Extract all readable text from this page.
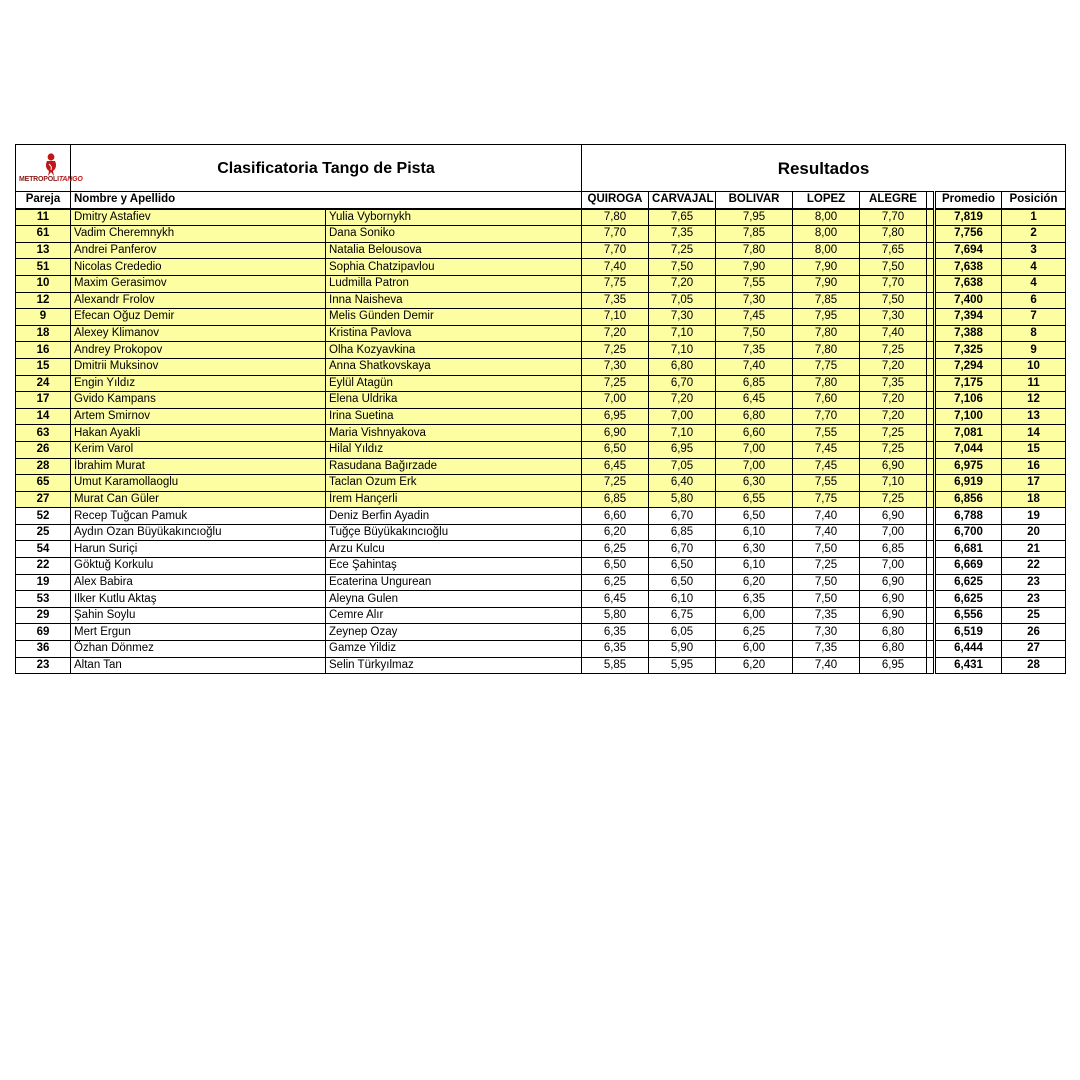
METROPOLITANGO	Clasificatoria Tango de Pista		Resultados							
Pareja	Nombre y Apellido		QUIROGA	CARVAJAL	BOLIVAR	LOPEZ	ALEGRE		Promedio	Posición
11	Dmitry Astafiev	Yulia Vybornykh	7,80	7,65	7,95	8,00	7,70		7,819	1
61	Vadim Cheremnykh	Dana Soniko	7,70	7,35	7,85	8,00	7,80		7,756	2
13	Andrei Panferov	Natalia Belousova	7,70	7,25	7,80	8,00	7,65		7,694	3
51	Nicolas Crededio	Sophia Chatzipavlou	7,40	7,50	7,90	7,90	7,50		7,638	4
10	Maxim Gerasimov	Ludmilla Patron	7,75	7,20	7,55	7,90	7,70		7,638	4
12	Alexandr Frolov	Inna Naisheva	7,35	7,05	7,30	7,85	7,50		7,400	6
9	Efecan Oğuz Demir	Melis Günden Demir	7,10	7,30	7,45	7,95	7,30		7,394	7
18	Alexey Klimanov	Kristina Pavlova	7,20	7,10	7,50	7,80	7,40		7,388	8
16	Andrey Prokopov	Olha Kozyavkina	7,25	7,10	7,35	7,80	7,25		7,325	9
15	Dmitrii Muksinov	Anna Shatkovskaya	7,30	6,80	7,40	7,75	7,20		7,294	10
24	Engin Yıldız	Eylül Atagün	7,25	6,70	6,85	7,80	7,35		7,175	11
17	Gvido Kampans	Elena Uldrika	7,00	7,20	6,45	7,60	7,20		7,106	12
14	Artem Smirnov	Irina Suetina	6,95	7,00	6,80	7,70	7,20		7,100	13
63	Hakan Ayakli	Maria Vishnyakova	6,90	7,10	6,60	7,55	7,25		7,081	14
26	Kerim Varol	Hilal Yıldız	6,50	6,95	7,00	7,45	7,25		7,044	15
28	İbrahim Murat	Rasudana Bağırzade	6,45	7,05	7,00	7,45	6,90		6,975	16
65	Umut Karamollaoglu	Taclan Ozum Erk	7,25	6,40	6,30	7,55	7,10		6,919	17
27	Murat Can Güler	İrem Hançerli	6,85	5,80	6,55	7,75	7,25		6,856	18
52	Recep Tuğcan Pamuk	Deniz Berfin Ayadin	6,60	6,70	6,50	7,40	6,90		6,788	19
25	Aydın Ozan Büyükakıncıoğlu	Tuğçe Büyükakıncıoğlu	6,20	6,85	6,10	7,40	7,00		6,700	20
54	Harun Suriçi	Arzu Kulcu	6,25	6,70	6,30	7,50	6,85		6,681	21
22	Göktuğ Korkulu	Ece Şahintaş	6,50	6,50	6,10	7,25	7,00		6,669	22
19	Alex Babira	Ecaterina Ungurean	6,25	6,50	6,20	7,50	6,90		6,625	23
53	Ilker Kutlu Aktaş	Aleyna Gulen	6,45	6,10	6,35	7,50	6,90		6,625	23
29	Şahin Soylu	Cemre Alır	5,80	6,75	6,00	7,35	6,90		6,556	25
69	Mert Ergun	Zeynep Ozay	6,35	6,05	6,25	7,30	6,80		6,519	26
36	Özhan Dönmez	Gamze Yildiz	6,35	5,90	6,00	7,35	6,80		6,444	27
23	Altan Tan	Selin Türkyılmaz	5,85	5,95	6,20	7,40	6,95		6,431	28
